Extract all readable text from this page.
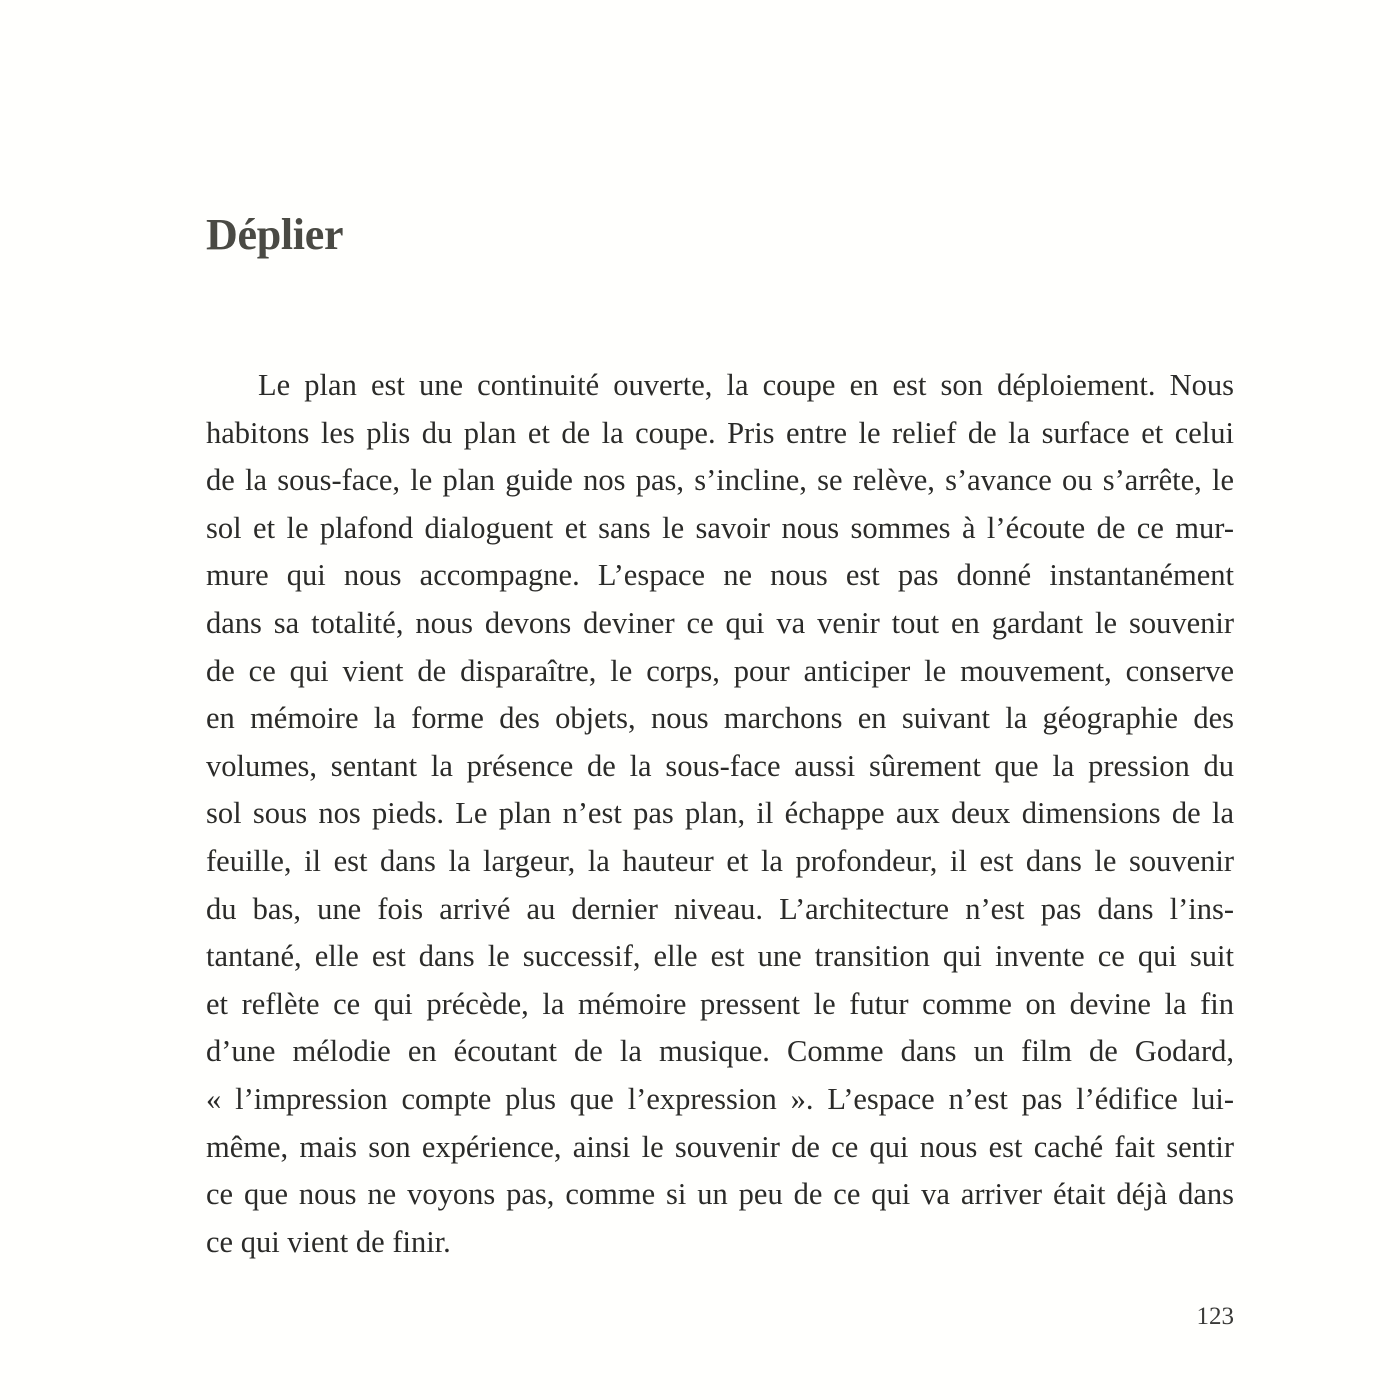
Déplier
Le plan est une continuité ouverte, la coupe en est son déploiement. Nous
habitons les plis du plan et de la coupe. Pris entre le relief de la surface et celui
de la sous-face, le plan guide nos pas, s’incline, se relève, s’avance ou s’arrête, le
sol et le plafond dialoguent et sans le savoir nous sommes à l’écoute de ce mur-
mure qui nous accompagne. L’espace ne nous est pas donné instantanément
dans sa totalité, nous devons deviner ce qui va venir tout en gardant le souvenir
de ce qui vient de disparaître, le corps, pour anticiper le mouvement, conserve
en mémoire la forme des objets, nous marchons en suivant la géographie des
volumes, sentant la présence de la sous-face aussi sûrement que la pression du
sol sous nos pieds. Le plan n’est pas plan, il échappe aux deux dimensions de la
feuille, il est dans la largeur, la hauteur et la profondeur, il est dans le souvenir
du bas, une fois arrivé au dernier niveau. L’architecture n’est pas dans l’ins-
tantané, elle est dans le successif, elle est une transition qui invente ce qui suit
et reflète ce qui précède, la mémoire pressent le futur comme on devine la fin
d’une mélodie en écoutant de la musique. Comme dans un film de Godard,
« l’impression compte plus que l’expression ». L’espace n’est pas l’édifice lui-
même, mais son expérience, ainsi le souvenir de ce qui nous est caché fait sentir
ce que nous ne voyons pas, comme si un peu de ce qui va arriver était déjà dans
ce qui vient de finir.

123
